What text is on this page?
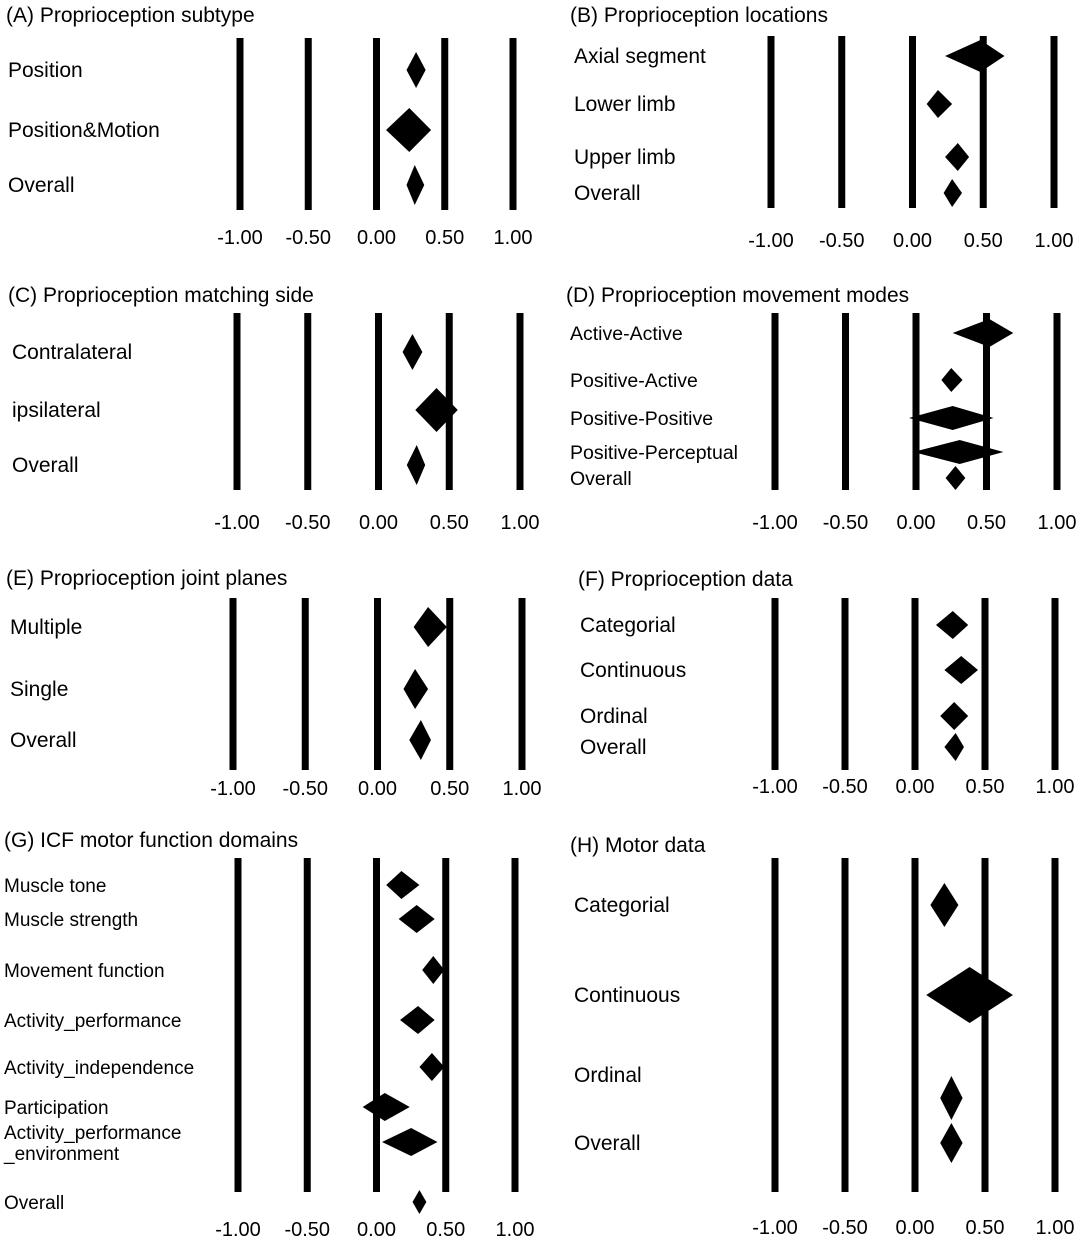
(A) Proprioception subtype
-1.00 -0.50 0.00 0.50 1.00
Position
Position&Motion
Overall
(B) Proprioception locations
-1.00 -0.50 0.00 0.50 1.00
Axial segment
Lower limb
Upper limb
Overall
(C) Proprioception matching side
-1.00 -0.50 0.00 0.50 1.00
Contralateral
ipsilateral
Overall
(D) Proprioception movement modes
-1.00 -0.50 0.00 0.50 1.00
Active-Active
Positive-Active
Positive-Positive
Positive-Perceptual
Overall
(E) Proprioception joint planes
-1.00 -0.50 0.00 0.50 1.00
Multiple
Single
Overall
(F) Proprioception data
-1.00 -0.50 0.00 0.50 1.00
Categorial
Continuous
Ordinal
Overall
(G) ICF motor function domains
-1.00 -0.50 0.00 0.50 1.00
Muscle tone
Muscle strength
Movement function
Activity_performance
Activity_independence
Participation
Activity_performance _environment
Overall
(H) Motor data
-1.00 -0.50 0.00 0.50 1.00
Categorial
Continuous
Ordinal
Overall
